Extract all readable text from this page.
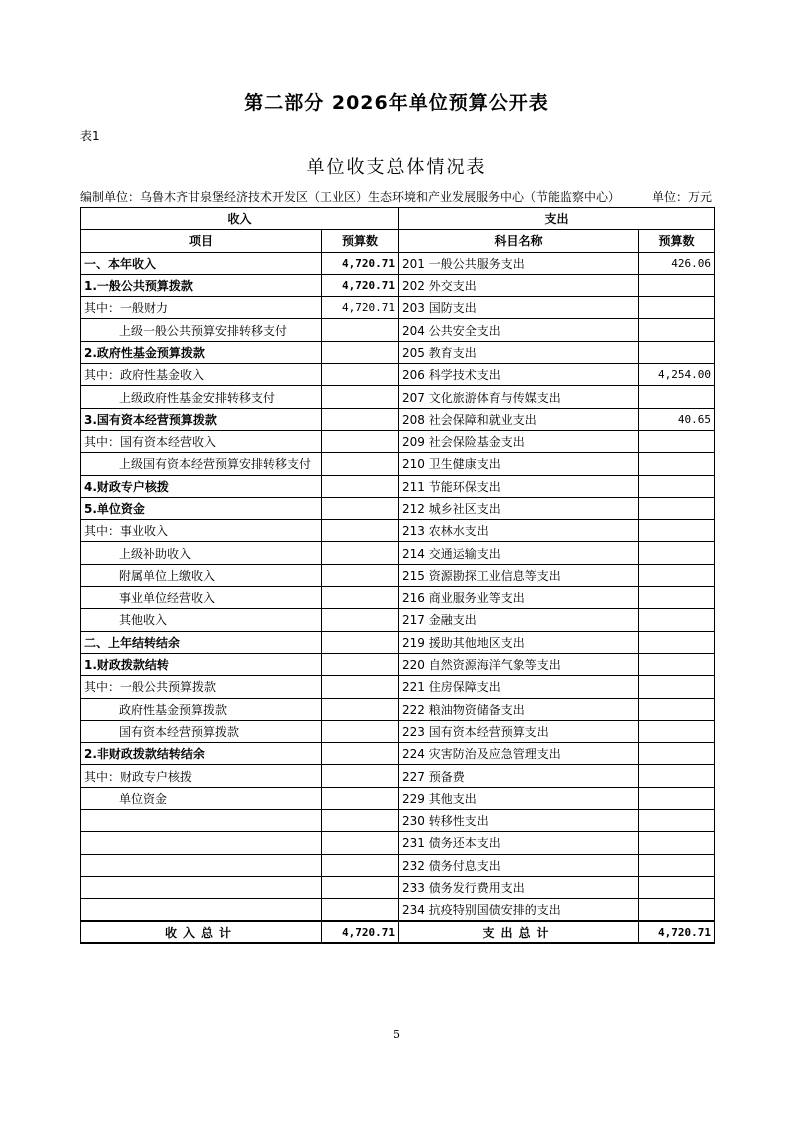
第二部分 2026年单位预算公开表
表1
单位收支总体情况表
编制单位：乌鲁木齐甘泉堡经济技术开发区（工业区）生态环境和产业发展服务中心（节能监察中心）	单位：万元
收入		支出	
项目	预算数	科目名称	预算数
一、本年收入	4,720.71	201 一般公共服务支出	426.06
1.一般公共预算拨款	4,720.71	202 外交支出	
其中：一般财力	4,720.71	203 国防支出	
上级一般公共预算安排转移支付		204 公共安全支出	
2.政府性基金预算拨款		205 教育支出	
其中：政府性基金收入		206 科学技术支出	4,254.00
上级政府性基金安排转移支付		207 文化旅游体育与传媒支出	
3.国有资本经营预算拨款		208 社会保障和就业支出	40.65
其中：国有资本经营收入		209 社会保险基金支出	
上级国有资本经营预算安排转移支付		210 卫生健康支出	
4.财政专户核拨		211 节能环保支出	
5.单位资金		212 城乡社区支出	
其中：事业收入		213 农林水支出	
上级补助收入		214 交通运输支出	
附属单位上缴收入		215 资源勘探工业信息等支出	
事业单位经营收入		216 商业服务业等支出	
其他收入		217 金融支出	
二、上年结转结余		219 援助其他地区支出	
1.财政拨款结转		220 自然资源海洋气象等支出	
其中：一般公共预算拨款		221 住房保障支出	
政府性基金预算拨款		222 粮油物资储备支出	
国有资本经营预算拨款		223 国有资本经营预算支出	
2.非财政拨款结转结余		224 灾害防治及应急管理支出	
其中：财政专户核拨		227 预备费	
单位资金		229 其他支出	
		230 转移性支出	
		231 债务还本支出	
		232 债务付息支出	
		233 债务发行费用支出	
		234 抗疫特别国债安排的支出	
收入总计	4,720.71	支出总计	4,720.71
5
